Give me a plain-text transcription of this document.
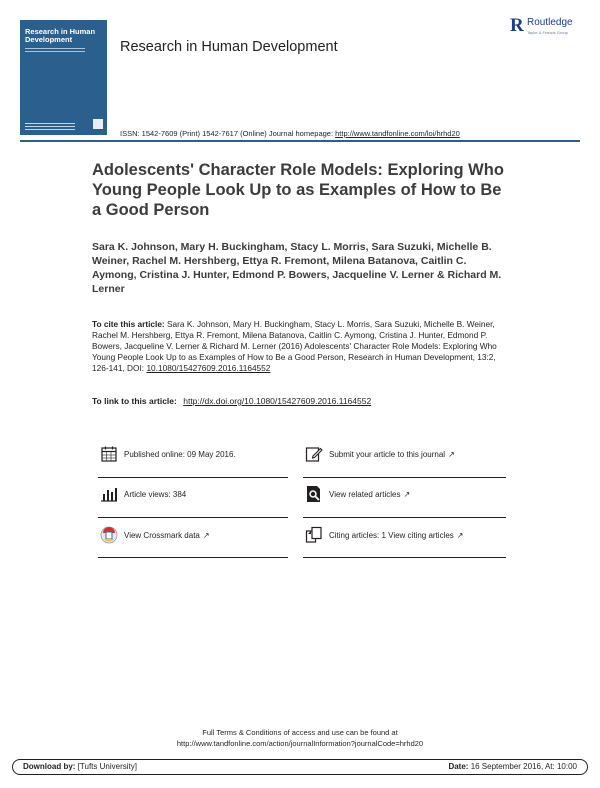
Research in Human Development	Research in Human Development
R Routledge
Taylor & Francis Group
ISSN: 1542-7609 (Print) 1542-7617 (Online) Journal homepage: http://www.tandfonline.com/loi/hrhd20
Adolescents' Character Role Models: Exploring Who Young People Look Up to as Examples of How to Be a Good Person
Sara K. Johnson, Mary H. Buckingham, Stacy L. Morris, Sara Suzuki, Michelle B. Weiner, Rachel M. Hershberg, Ettya R. Fremont, Milena Batanova, Caitlin C. Aymong, Cristina J. Hunter, Edmond P. Bowers, Jacqueline V. Lerner & Richard M. Lerner
To cite this article: Sara K. Johnson, Mary H. Buckingham, Stacy L. Morris, Sara Suzuki, Michelle B. Weiner, Rachel M. Hershberg, Ettya R. Fremont, Milena Batanova, Caitlin C. Aymong, Cristina J. Hunter, Edmond P. Bowers, Jacqueline V. Lerner & Richard M. Lerner (2016) Adolescents' Character Role Models: Exploring Who Young People Look Up to as Examples of How to Be a Good Person, Research in Human Development, 13:2, 126-141, DOI: 10.1080/15427609.2016.1164552
To link to this article: http://dx.doi.org/10.1080/15427609.2016.1164552
Published online: 09 May 2016.	Submit your article to this journal ↗
Article views: 384	View related articles ↗
View Crossmark data ↗	Citing articles: 1 View citing articles ↗
Full Terms & Conditions of access and use can be found at
http://www.tandfonline.com/action/journalInformation?journalCode=hrhd20
Download by: [Tufts University]	Date: 16 September 2016, At: 10:00
